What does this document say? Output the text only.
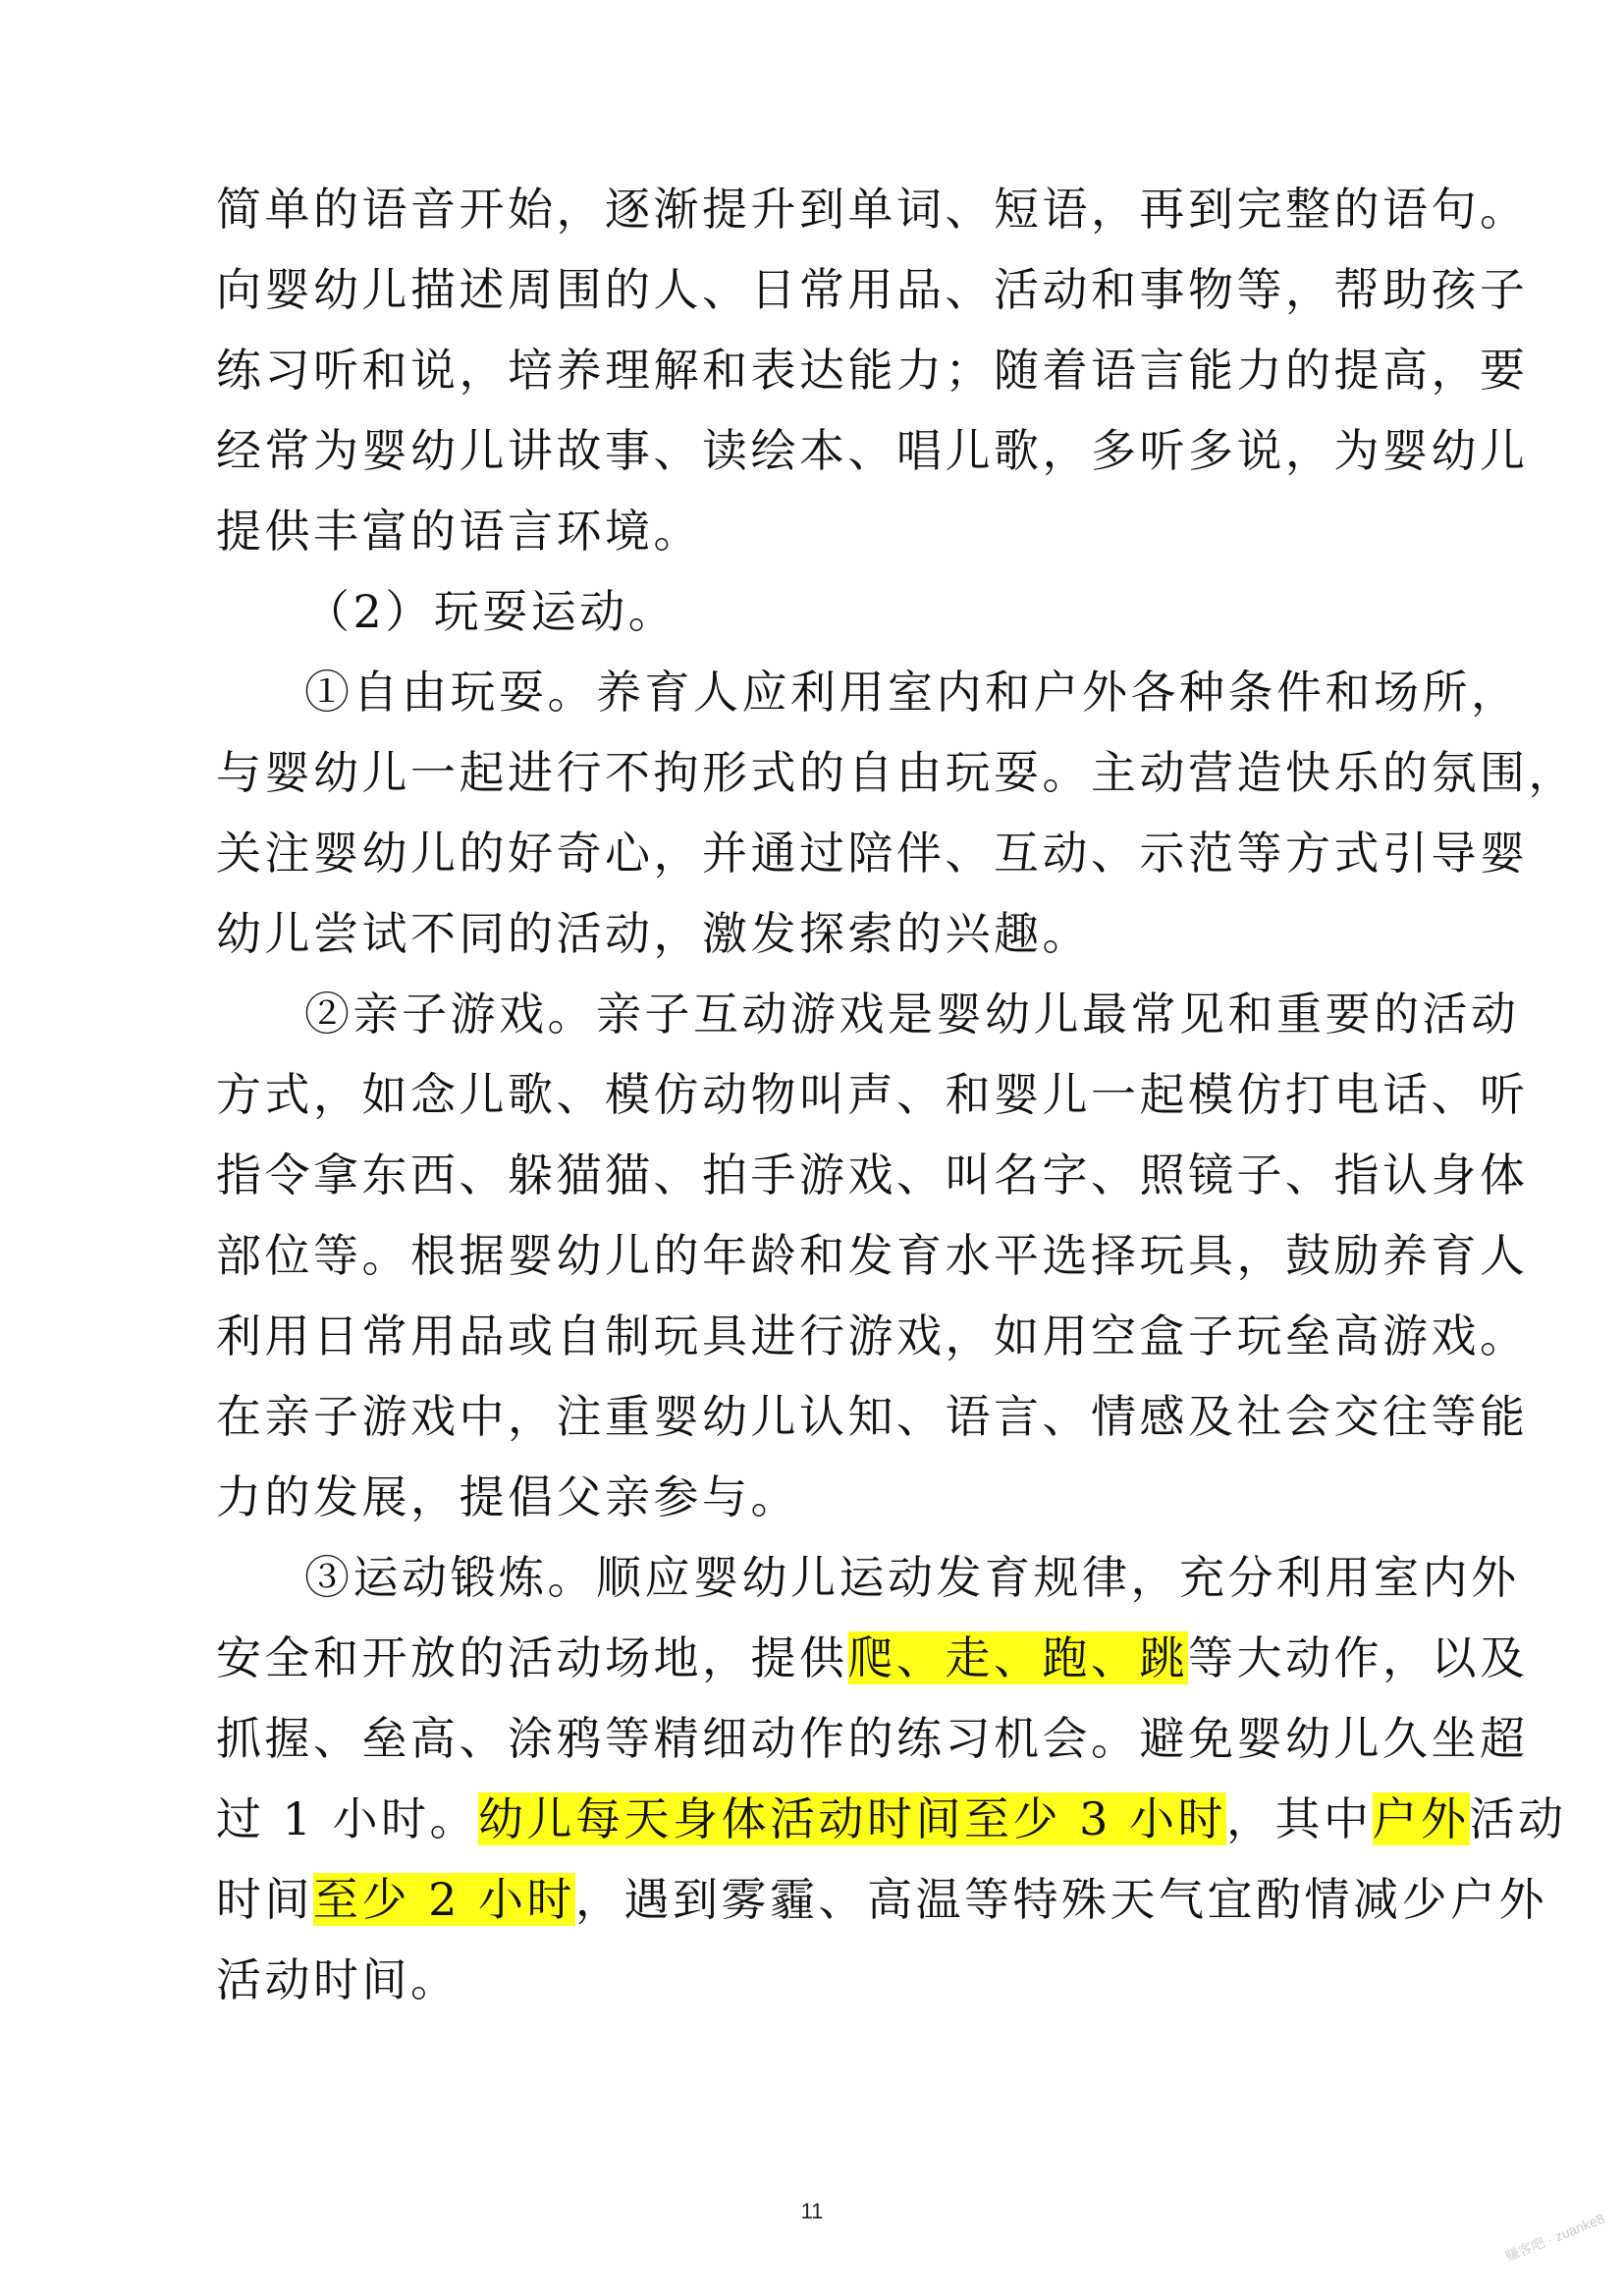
简单的语音开始，逐渐提升到单词、短语，再到完整的语句。
向婴幼儿描述周围的人、日常用品、活动和事物等，帮助孩子
练习听和说，培养理解和表达能力；随着语言能力的提高，要
经常为婴幼儿讲故事、读绘本、唱儿歌，多听多说，为婴幼儿
提供丰富的语言环境。
（2）玩耍运动。
①自由玩耍。养育人应利用室内和户外各种条件和场所，
与婴幼儿一起进行不拘形式的自由玩耍。主动营造快乐的氛围，
关注婴幼儿的好奇心，并通过陪伴、互动、示范等方式引导婴
幼儿尝试不同的活动，激发探索的兴趣。
②亲子游戏。亲子互动游戏是婴幼儿最常见和重要的活动
方式，如念儿歌、模仿动物叫声、和婴儿一起模仿打电话、听
指令拿东西、躲猫猫、拍手游戏、叫名字、照镜子、指认身体
部位等。根据婴幼儿的年龄和发育水平选择玩具，鼓励养育人
利用日常用品或自制玩具进行游戏，如用空盒子玩垒高游戏。
在亲子游戏中，注重婴幼儿认知、语言、情感及社会交往等能
力的发展，提倡父亲参与。
③运动锻炼。顺应婴幼儿运动发育规律，充分利用室内外
安全和开放的活动场地，提供爬、走、跑、跳等大动作，以及
抓握、垒高、涂鸦等精细动作的练习机会。避免婴幼儿久坐超
过 1 小时。幼儿每天身体活动时间至少 3 小时，其中户外活动
时间至少 2 小时，遇到雾霾、高温等特殊天气宜酌情减少户外
活动时间。
11	赚客吧 · zuanke8
